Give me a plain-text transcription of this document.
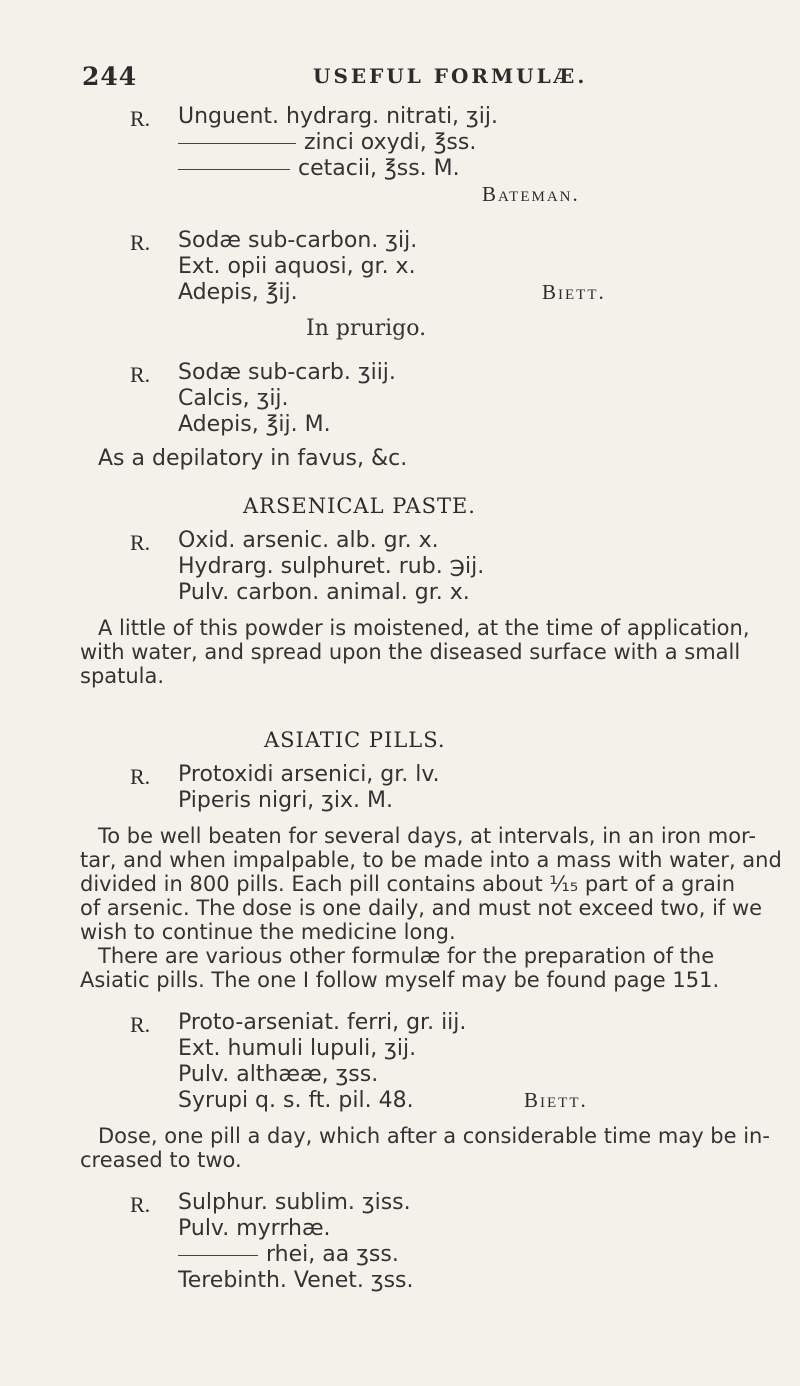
244	USEFUL FORMULÆ.
R. Unguent. hydrarg. nitrati, ʒij.
zinci oxydi, ℥ss.
cetacii, ℥ss. M.
Bateman.
R. Sodæ sub-carbon. ʒij.
Ext. opii aquosi, gr. x.
Adepis, ℥ij.	Biett.
In prurigo.
R. Sodæ sub-carb. ʒiij.
Calcis, ʒij.
Adepis, ℥ij. M.
As a depilatory in favus, &c.
ARSENICAL PASTE.
R. Oxid. arsenic. alb. gr. x.
Hydrarg. sulphuret. rub. ℈ij.
Pulv. carbon. animal. gr. x.
A little of this powder is moistened, at the time of application,
with water, and spread upon the diseased surface with a small
spatula.
ASIATIC PILLS.
R. Protoxidi arsenici, gr. lv.
Piperis nigri, ʒix. M.
To be well beaten for several days, at intervals, in an iron mor-
tar, and when impalpable, to be made into a mass with water, and
divided in 800 pills. Each pill contains about ¹⁄₁₅ part of a grain
of arsenic. The dose is one daily, and must not exceed two, if we
wish to continue the medicine long.
There are various other formulæ for the preparation of the
Asiatic pills. The one I follow myself may be found page 151.
R. Proto-arseniat. ferri, gr. iij.
Ext. humuli lupuli, ʒij.
Pulv. althææ, ʒss.
Syrupi q. s. ft. pil. 48.	Biett.
Dose, one pill a day, which after a considerable time may be in-
creased to two.
R. Sulphur. sublim. ʒiss.
Pulv. myrrhæ.
rhei, aa ʒss.
Terebinth. Venet. ʒss.
